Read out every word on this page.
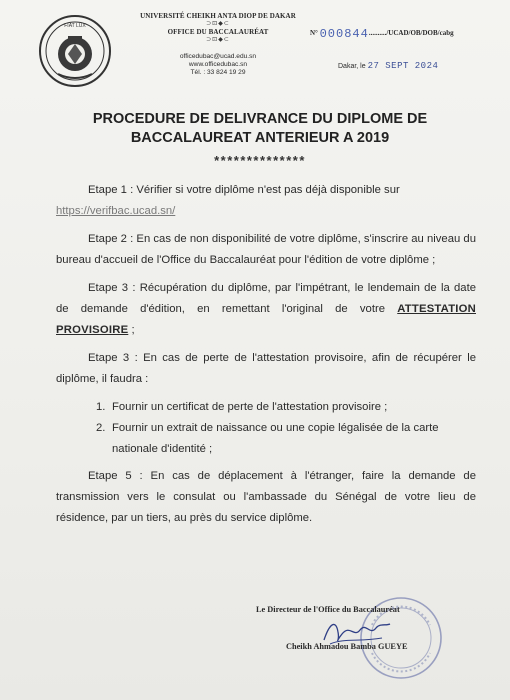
FIAT LUX
UNIVERSITÉ CHEIKH ANTA DIOP DE DAKAR
⊃⊡◆⊂
OFFICE DU BACCALAURÉAT
⊃⊡◆⊂
officedubac@ucad.edu.sn
www.officedubac.sn
Tél. : 33 824 19 29
N° 000844........../UCAD/OB/DOB/cabg
Dakar, le 27 SEPT 2024
PROCEDURE DE DELIVRANCE DU DIPLOME DE
BACCALAUREAT ANTERIEUR A 2019
**************

Etape 1 : Vérifier si votre diplôme n'est pas déjà disponible sur
https://verifbac.ucad.sn/

Etape 2 : En cas de non disponibilité de votre diplôme, s'inscrire au niveau du bureau d'accueil de l'Office du Baccalauréat pour l'édition de votre diplôme ;

Etape 3 : Récupération du diplôme, par l'impétrant, le lendemain de la date de demande d'édition, en remettant l'original de votre ATTESTATION PROVISOIRE ;

Etape 3 : En cas de perte de l'attestation provisoire, afin de récupérer le diplôme, il faudra :

1. Fournir un certificat de perte de l'attestation provisoire ;
2. Fournir un extrait de naissance ou une copie légalisée de la carte nationale d'identité ;

Etape 5 : En cas de déplacement à l'étranger, faire la demande de transmission vers le consulat ou l'ambassade du Sénégal de votre lieu de résidence, par un tiers, au près du service diplôme.

Le Directeur de l'Office du Baccalauréat
Cheikh Ahmadou Bamba GUEYE
